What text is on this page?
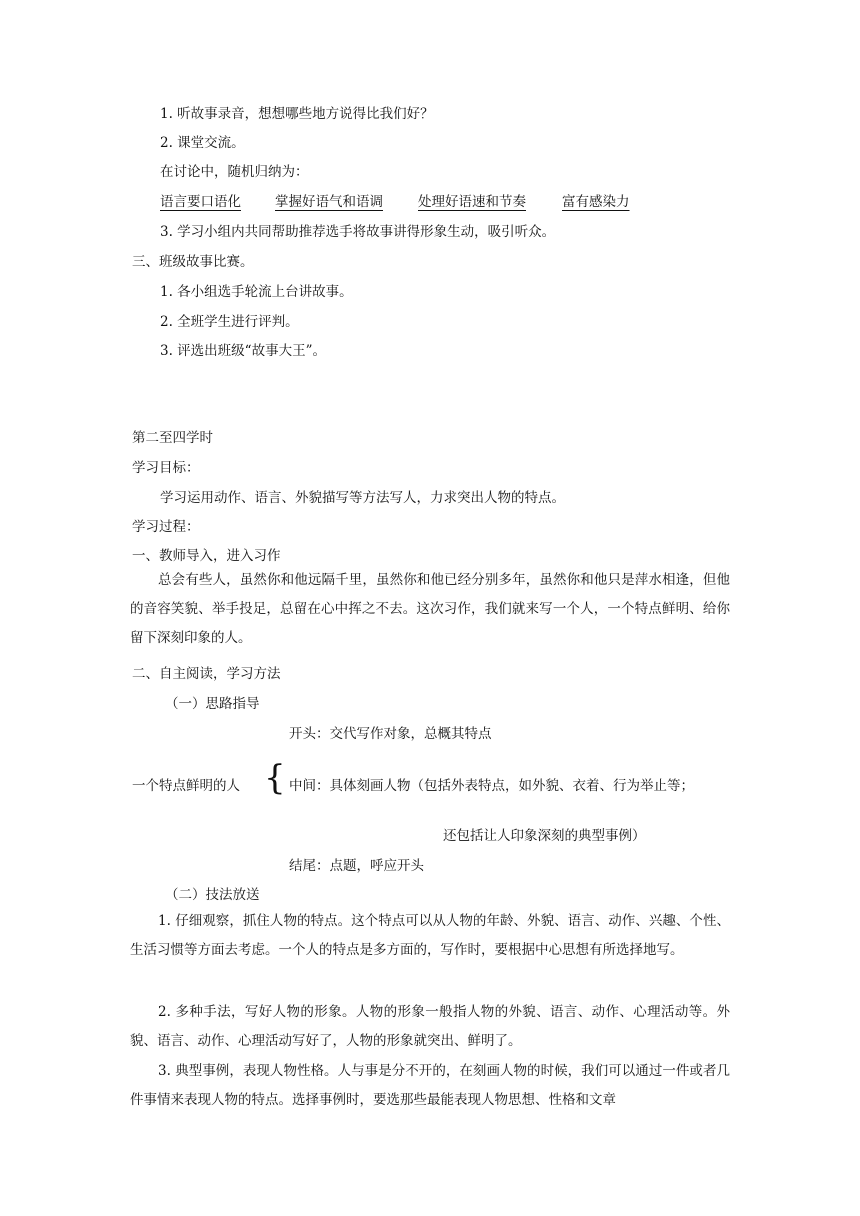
1. 听故事录音，想想哪些地方说得比我们好？
2. 课堂交流。
在讨论中，随机归纳为：
语言要口语化	掌握好语气和语调	处理好语速和节奏	富有感染力
3. 学习小组内共同帮助推荐选手将故事讲得形象生动，吸引听众。
三、班级故事比赛。
1. 各小组选手轮流上台讲故事。
2. 全班学生进行评判。
3. 评选出班级“故事大王”。
第二至四学时
学习目标：
学习运用动作、语言、外貌描写等方法写人，力求突出人物的特点。
学习过程：
一、教师导入，进入习作
总会有些人，虽然你和他远隔千里，虽然你和他已经分别多年，虽然你和他只是萍水相逢，但他的音容笑貌、举手投足，总留在心中挥之不去。这次习作，我们就来写一个人，一个特点鲜明、给你留下深刻印象的人。
二、自主阅读，学习方法
（一）思路指导
开头：交代写作对象，总概其特点
一个特点鲜明的人 { 中间：具体刻画人物（包括外表特点，如外貌、衣着、行为举止等；
还包括让人印象深刻的典型事例）
结尾：点题，呼应开头
（二）技法放送
1. 仔细观察，抓住人物的特点。这个特点可以从人物的年龄、外貌、语言、动作、兴趣、个性、生活习惯等方面去考虑。一个人的特点是多方面的，写作时，要根据中心思想有所选择地写。
2. 多种手法，写好人物的形象。人物的形象一般指人物的外貌、语言、动作、心理活动等。外貌、语言、动作、心理活动写好了，人物的形象就突出、鲜明了。
3. 典型事例，表现人物性格。人与事是分不开的，在刻画人物的时候，我们可以通过一件或者几件事情来表现人物的特点。选择事例时，要选那些最能表现人物思想、性格和文章
